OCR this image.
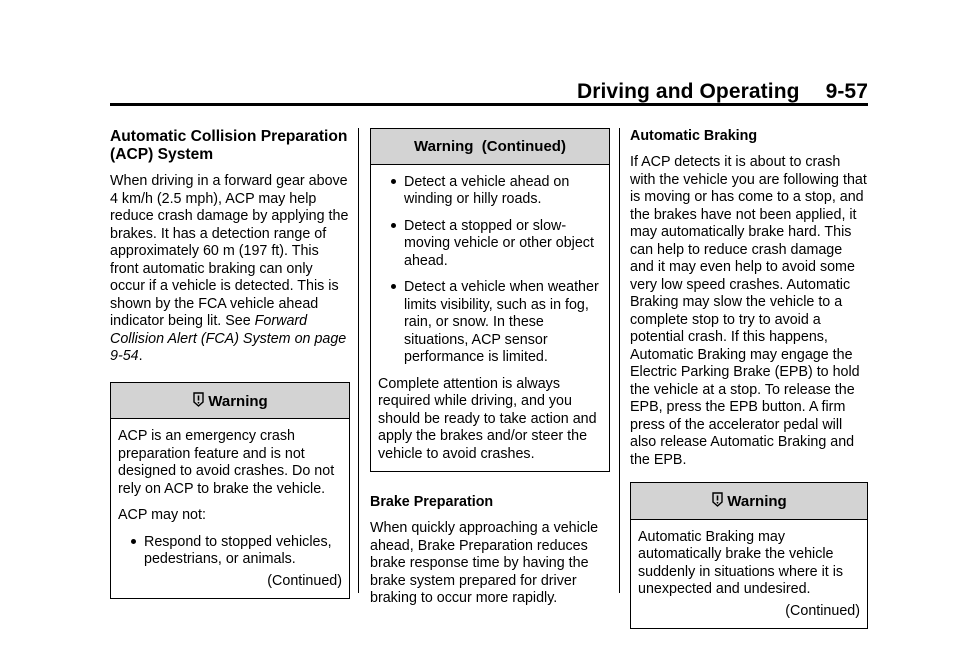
Driving and Operating 9-57
Automatic Collision Preparation (ACP) System

When driving in a forward gear above 4 km/h (2.5 mph), ACP may help reduce crash damage by applying the brakes. It has a detection range of approximately 60 m (197 ft). This front automatic braking can only occur if a vehicle is detected. This is shown by the FCA vehicle ahead indicator being lit. See Forward Collision Alert (FCA) System on page 9-54.

Warning

ACP is an emergency crash preparation feature and is not designed to avoid crashes. Do not rely on ACP to brake the vehicle.

ACP may not:

Respond to stopped vehicles, pedestrians, or animals.
(Continued)
Warning  (Continued)
Detect a vehicle ahead on winding or hilly roads.
Detect a stopped or slow-moving vehicle or other object ahead.
Detect a vehicle when weather limits visibility, such as in fog, rain, or snow. In these situations, ACP sensor performance is limited.

Complete attention is always required while driving, and you should be ready to take action and apply the brakes and/or steer the vehicle to avoid crashes.

Brake Preparation

When quickly approaching a vehicle ahead, Brake Preparation reduces brake response time by having the brake system prepared for driver braking to occur more rapidly.

Automatic Braking

If ACP detects it is about to crash with the vehicle you are following that is moving or has come to a stop, and the brakes have not been applied, it may automatically brake hard. This can help to reduce crash damage and it may even help to avoid some very low speed crashes. Automatic Braking may slow the vehicle to a complete stop to try to avoid a potential crash. If this happens, Automatic Braking may engage the Electric Parking Brake (EPB) to hold the vehicle at a stop. To release the EPB, press the EPB button. A firm press of the accelerator pedal will also release Automatic Braking and the EPB.

Warning

Automatic Braking may automatically brake the vehicle suddenly in situations where it is unexpected and undesired.

(Continued)
